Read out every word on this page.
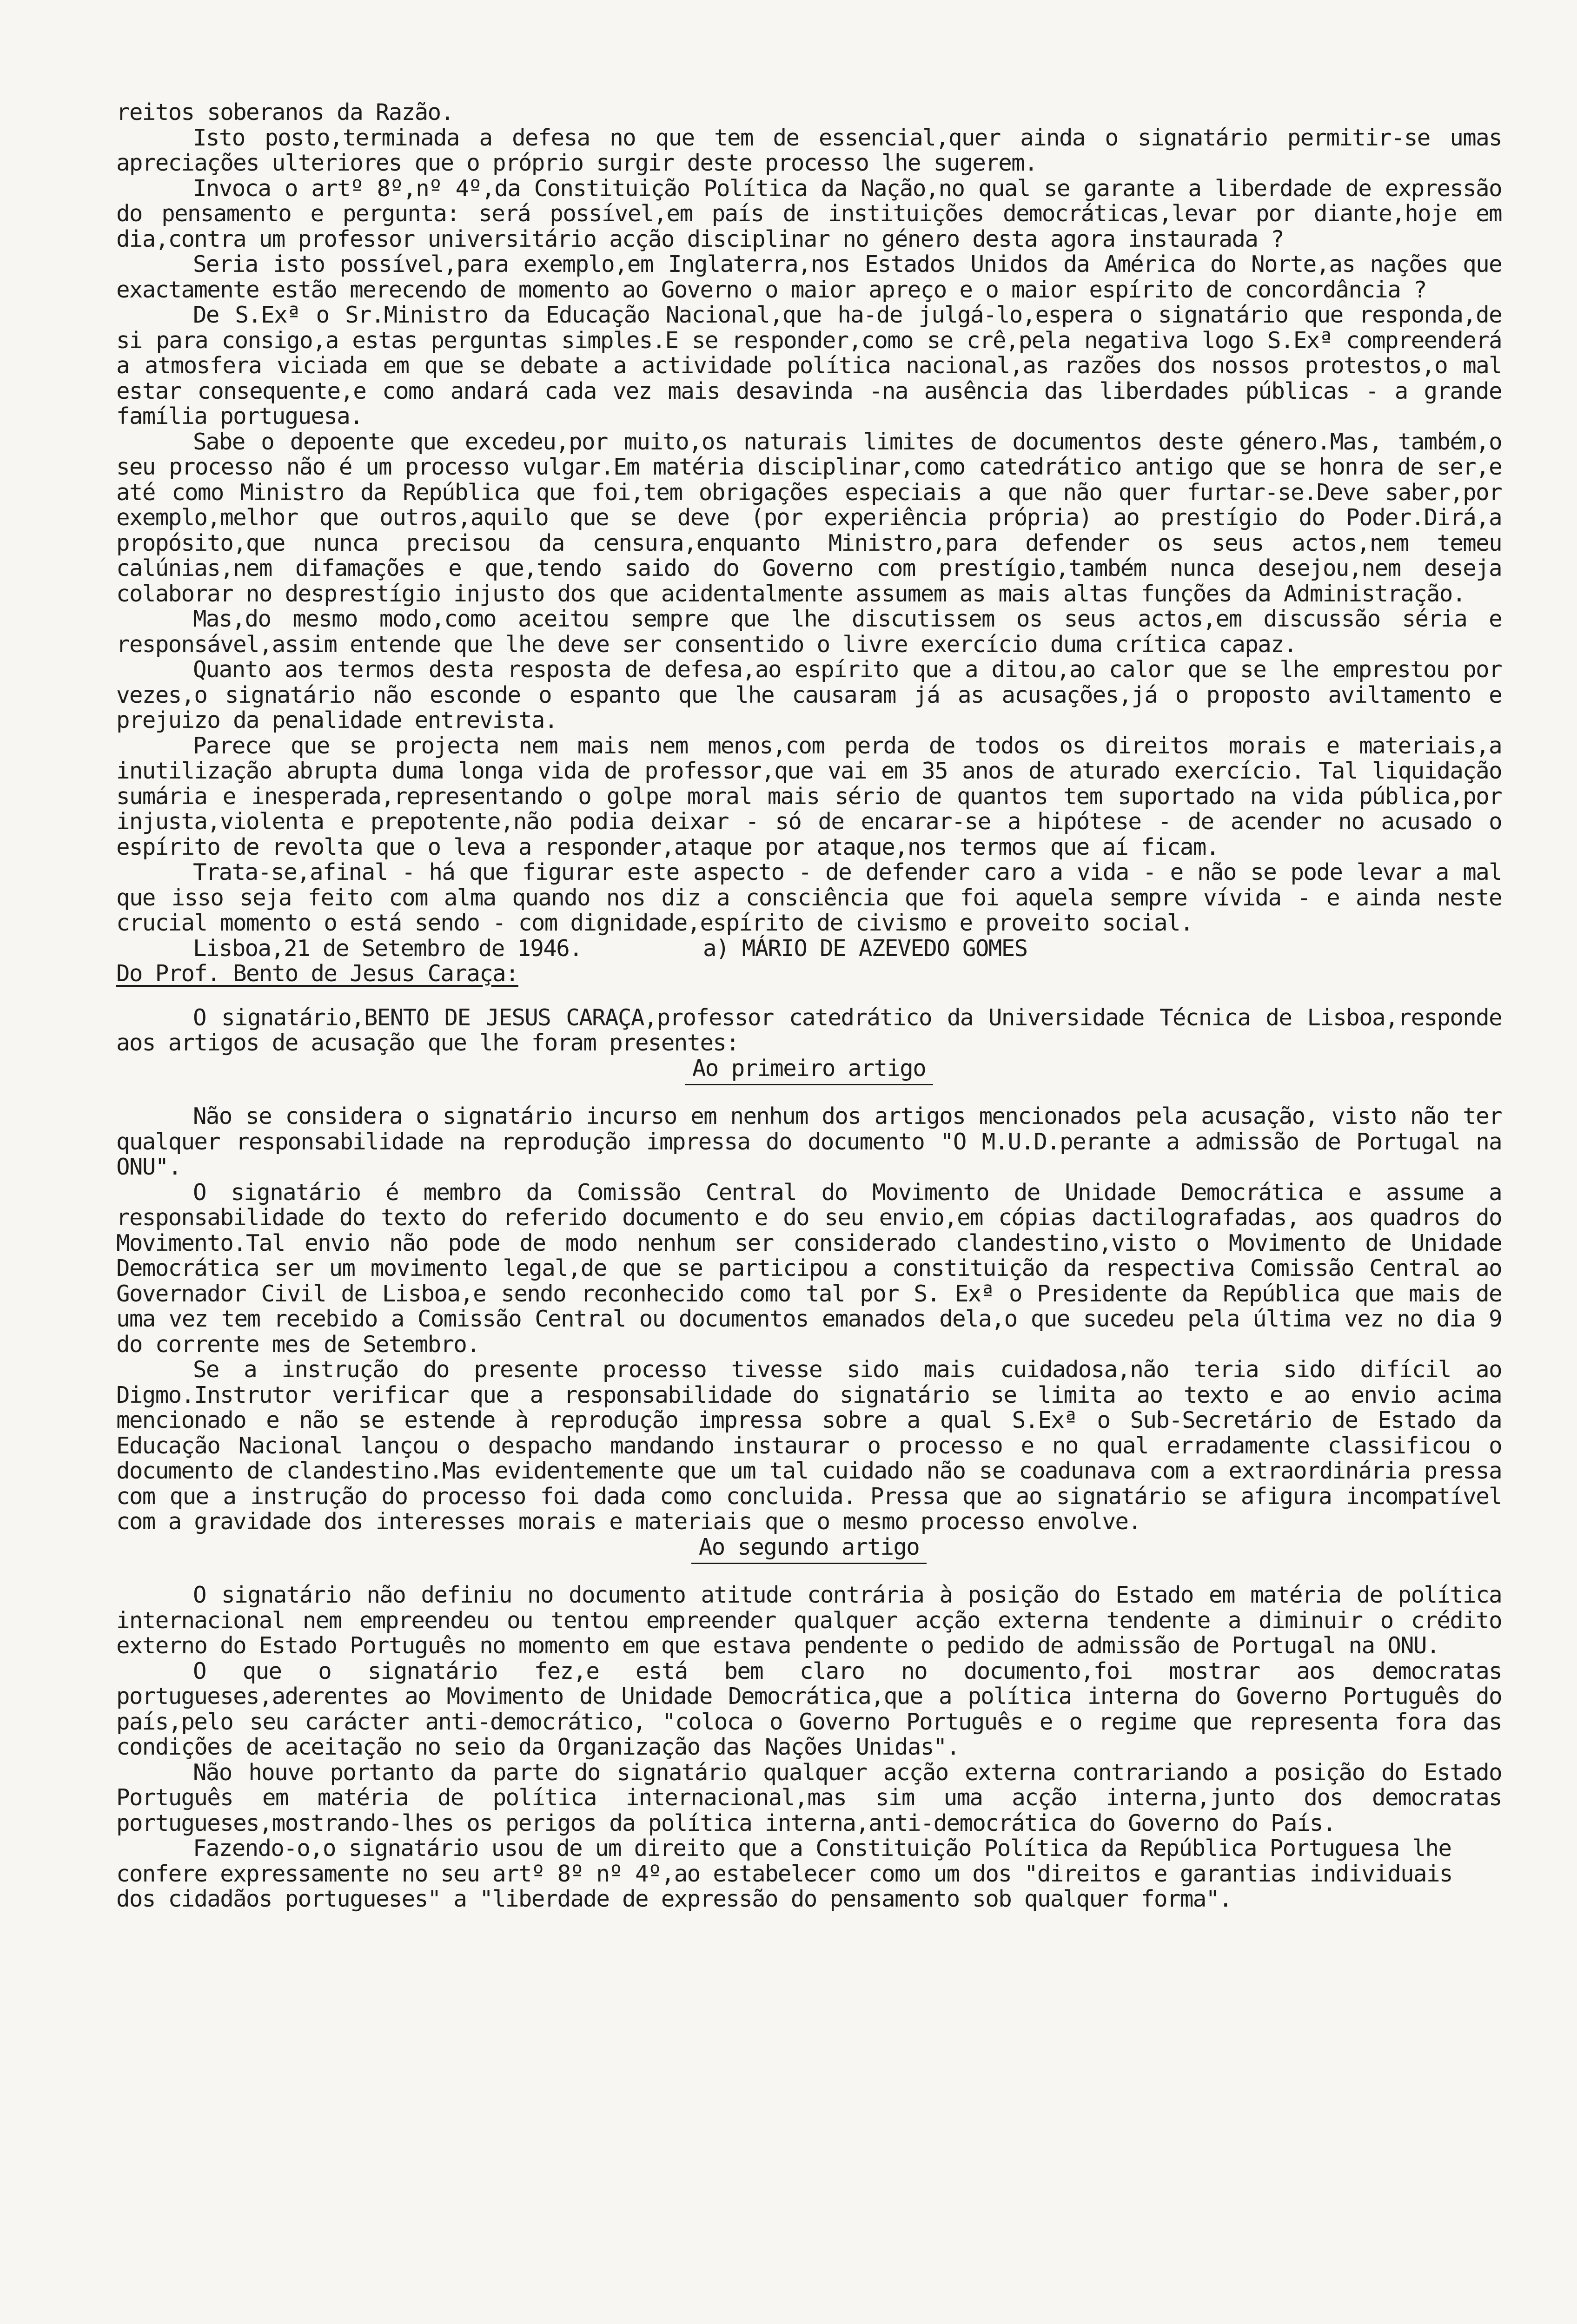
reitos soberanos da Razão.

Isto posto,terminada a defesa no que tem de essencial,quer ainda o signatário permitir-se umas apreciações ulteriores que o próprio surgir deste processo lhe sugerem.

Invoca o artº 8º,nº 4º,da Constituição Política da Nação,no qual se garante a liberdade de expressão do pensamento e pergunta: será possível,em país de instituições democráticas,levar por diante,hoje em dia,contra um professor universitário acção disciplinar no género desta agora instaurada ?

Seria isto possível,para exemplo,em Inglaterra,nos Estados Unidos da América do Norte,as nações que exactamente estão merecendo de momento ao Governo o maior apreço e o maior espírito de concordância ?

De S.Exª o Sr.Ministro da Educação Nacional,que ha-de julgá-lo,espera o signatário que responda,de si para consigo,a estas perguntas simples.E se responder,como se crê,pela negativa logo S.Exª compreenderá a atmosfera viciada em que se debate a actividade política nacional,as razões dos nossos protestos,o mal estar consequente,e como andará cada vez mais desavinda -na ausência das liberdades públicas - a grande família portuguesa.

Sabe o depoente que excedeu,por muito,os naturais limites de documentos deste género.Mas, também,o seu processo não é um processo vulgar.Em matéria disciplinar,como catedrático antigo que se honra de ser,e até como Ministro da República que foi,tem obrigações especiais a que não quer furtar-se.Deve saber,por exemplo,melhor que outros,aquilo que se deve (por experiência própria) ao prestígio do Poder.Dirá,a propósito,que nunca precisou da censura,enquanto Ministro,para defender os seus actos,nem temeu calúnias,nem difamações e que,tendo saido do Governo com prestígio,também nunca desejou,nem deseja colaborar no desprestígio injusto dos que acidentalmente assumem as mais altas funções da Administração.

Mas,do mesmo modo,como aceitou sempre que lhe discutissem os seus actos,em discussão séria e responsável,assim entende que lhe deve ser consentido o livre exercício duma crítica capaz.

Quanto aos termos desta resposta de defesa,ao espírito que a ditou,ao calor que se lhe emprestou por vezes,o signatário não esconde o espanto que lhe causaram já as acusações,já o proposto aviltamento e prejuizo da penalidade entrevista.

Parece que se projecta nem mais nem menos,com perda de todos os direitos morais e materiais,a inutilização abrupta duma longa vida de professor,que vai em 35 anos de aturado exercício. Tal liquidação sumária e inesperada,representando o golpe moral mais sério de quantos tem suportado na vida pública,por injusta,violenta e prepotente,não podia deixar - só de encarar-se a hipótese - de acender no acusado o espírito de revolta que o leva a responder,ataque por ataque,nos termos que aí ficam.

Trata-se,afinal - há que figurar este aspecto - de defender caro a vida - e não se pode levar a mal que isso seja feito com alma quando nos diz a consciência que foi aquela sempre vívida - e ainda neste crucial momento o está sendo - com dignidade,espírito de civismo e proveito social.

Lisboa,21 de Setembro de 1946.	a) MÁRIO DE AZEVEDO GOMES

Do Prof. Bento de Jesus Caraça:

O signatário,BENTO DE JESUS CARAÇA,professor catedrático da Universidade Técnica de Lisboa,responde aos artigos de acusação que lhe foram presentes:

Ao primeiro artigo

Não se considera o signatário incurso em nenhum dos artigos mencionados pela acusação, visto não ter qualquer responsabilidade na reprodução impressa do documento "O M.U.D.perante a admissão de Portugal na ONU".

O signatário é membro da Comissão Central do Movimento de Unidade Democrática e assume a responsabilidade do texto do referido documento e do seu envio,em cópias dactilografadas, aos quadros do Movimento.Tal envio não pode de modo nenhum ser considerado clandestino,visto o Movimento de Unidade Democrática ser um movimento legal,de que se participou a constituição da respectiva Comissão Central ao Governador Civil de Lisboa,e sendo reconhecido como tal por S. Exª o Presidente da República que mais de uma vez tem recebido a Comissão Central ou documentos emanados dela,o que sucedeu pela última vez no dia 9 do corrente mes de Setembro.

Se a instrução do presente processo tivesse sido mais cuidadosa,não teria sido difícil ao Digmo.Instrutor verificar que a responsabilidade do signatário se limita ao texto e ao envio acima mencionado e não se estende à reprodução impressa sobre a qual S.Exª o Sub-Secretário de Estado da Educação Nacional lançou o despacho mandando instaurar o processo e no qual erradamente classificou o documento de clandestino.Mas evidentemente que um tal cuidado não se coadunava com a extraordinária pressa com que a instrução do processo foi dada como concluida. Pressa que ao signatário se afigura incompatível com a gravidade dos interesses morais e materiais que o mesmo processo envolve.

Ao segundo artigo

O signatário não definiu no documento atitude contrária à posição do Estado em matéria de política internacional nem empreendeu ou tentou empreender qualquer acção externa tendente a diminuir o crédito externo do Estado Português no momento em que estava pendente o pedido de admissão de Portugal na ONU.

O que o signatário fez,e está bem claro no documento,foi mostrar aos democratas portugueses,aderentes ao Movimento de Unidade Democrática,que a política interna do Governo Português do país,pelo seu carácter anti-democrático, "coloca o Governo Português e o regime que representa fora das condições de aceitação no seio da Organização das Nações Unidas".

Não houve portanto da parte do signatário qualquer acção externa contrariando a posição do Estado Português em matéria de política internacional,mas sim uma acção interna,junto dos democratas portugueses,mostrando-lhes os perigos da política interna,anti-democrática do Governo do País.

Fazendo-o,o signatário usou de um direito que a Constituição Política da República Portuguesa lhe confere expressamente no seu artº 8º nº 4º,ao estabelecer como um dos "direitos e garantias individuais dos cidadãos portugueses" a "liberdade de expressão do pensamento sob qualquer forma".
